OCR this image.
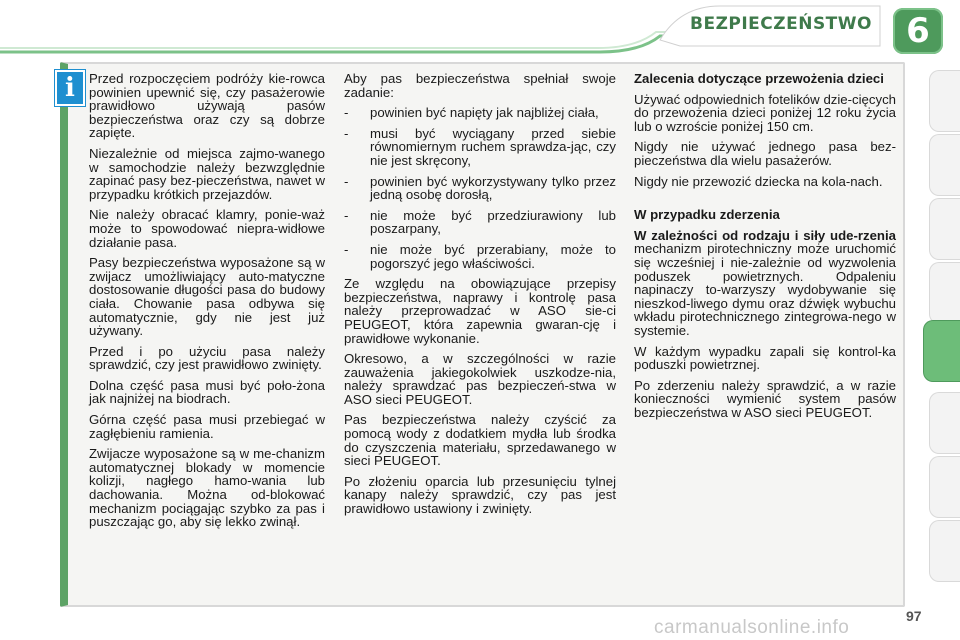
BEZPIECZEŃSTWO	6
i	Przed rozpoczęciem podróży kie-rowca powinien upewnić się, czy pasażerowie prawidłowo używają pasów bezpieczeństwa oraz czy są dobrze zapięte.

Niezależnie od miejsca zajmo-wanego w samochodzie należy bezwzględnie zapinać pasy bez-pieczeństwa, nawet w przypadku krótkich przejazdów.

Nie należy obracać klamry, ponie-waż może to spowodować niepra-widłowe działanie pasa.

Pasy bezpieczeństwa wyposażone są w zwijacz umożliwiający auto-matyczne dostosowanie długości pasa do budowy ciała. Chowanie pasa odbywa się automatycznie, gdy nie jest już używany.

Przed i po użyciu pasa należy sprawdzić, czy jest prawidłowo zwinięty.

Dolna część pasa musi być poło-żona jak najniżej na biodrach.

Górna część pasa musi przebiegać w zagłębieniu ramienia.

Zwijacze wyposażone są w me-chanizm automatycznej blokady w momencie kolizji, nagłego hamo-wania lub dachowania. Można od-blokować mechanizm pociągając szybko za pas i puszczając go, aby się lekko zwinął.

Aby pas bezpieczeństwa spełniał swoje zadanie:

- powinien być napięty jak najbliżej ciała,
- musi być wyciągany przed siebie równomiernym ruchem sprawdza-jąc, czy nie jest skręcony,
- powinien być wykorzystywany tylko przez jedną osobę dorosłą,
- nie może być przedziurawiony lub poszarpany,
- nie może być przerabiany, może to pogorszyć jego właściwości.

Ze względu na obowiązujące przepisy bezpieczeństwa, naprawy i kontrolę pasa należy przeprowadzać w ASO sie-ci PEUGEOT, która zapewnia gwaran-cję i prawidłowe wykonanie.

Okresowo, a w szczególności w razie zauważenia jakiegokolwiek uszkodze-nia, należy sprawdzać pas bezpieczeń-stwa w ASO sieci PEUGEOT.

Pas bezpieczeństwa należy czyścić za pomocą wody z dodatkiem mydła lub środka do czyszczenia materiału, sprzedawanego w sieci PEUGEOT.

Po złożeniu oparcia lub przesunięciu tylnej kanapy należy sprawdzić, czy pas jest prawidłowo ustawiony i zwinięty.

Zalecenia dotyczące przewożenia dzieci

Używać odpowiednich fotelików dzie-cięcych do przewożenia dzieci poniżej 12 roku życia lub o wzroście poniżej 150 cm.

Nigdy nie używać jednego pasa bez-pieczeństwa dla wielu pasażerów.

Nigdy nie przewozić dziecka na kola-nach.

W przypadku zderzenia

W zależności od rodzaju i siły ude-rzenia mechanizm pirotechniczny może uruchomić się wcześniej i nie-zależnie od wyzwolenia poduszek powietrznych. Odpaleniu napinaczy to-warzyszy wydobywanie się nieszkod-liwego dymu oraz dźwięk wybuchu wkładu pirotechnicznego zintegrowa-nego w systemie.

W każdym wypadku zapali się kontrol-ka poduszki powietrznej.

Po zderzeniu należy sprawdzić, a w razie konieczności wymienić system pasów bezpieczeństwa w ASO sieci PEUGEOT.

97
carmanualsonline.info
